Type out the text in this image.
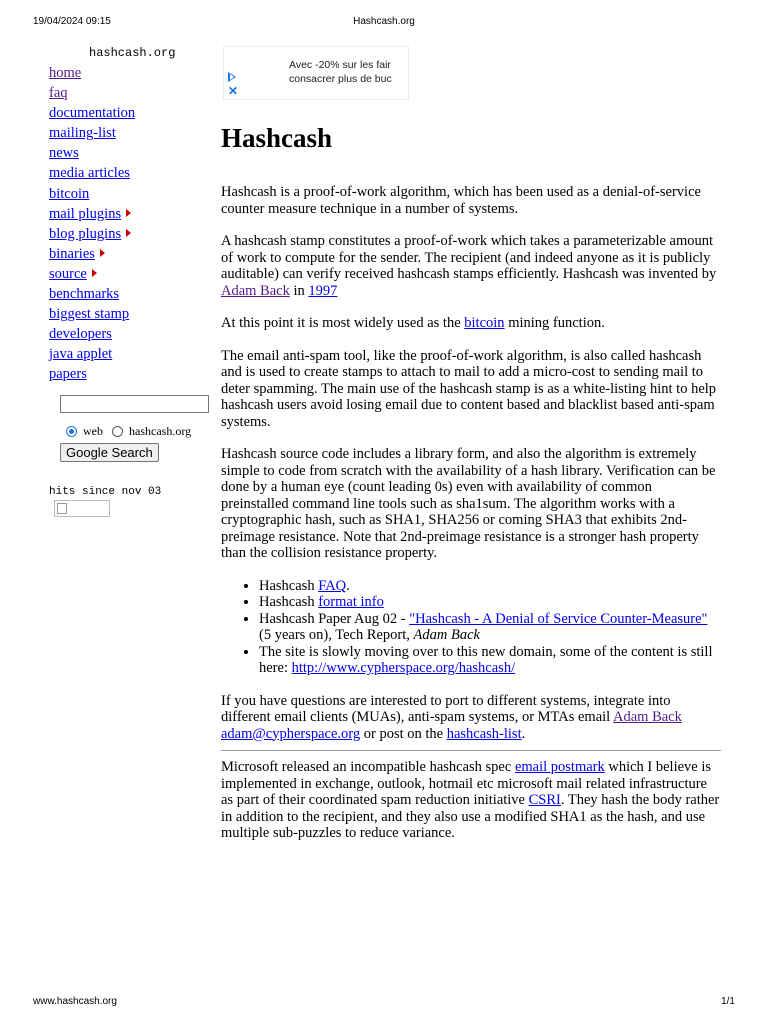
19/04/2024 09:15	Hashcash.org
www.hashcash.org	1/1
hashcash.org
home
faq
documentation
mailing-list
news
media articles
bitcoin
mail plugins
blog plugins
binaries
source
benchmarks
biggest stamp
developers
java applet
papers
web hashcash.org
Google Search
hits since nov 03
✕
Avec -20% sur les fair
consacrer plus de buc
Hashcash

Hashcash is a proof-of-work algorithm, which has been used as a denial-of-service counter measure technique in a number of systems.

A hashcash stamp constitutes a proof-of-work which takes a parameterizable amount of work to compute for the sender. The recipient (and indeed anyone as it is publicly auditable) can verify received hashcash stamps efficiently. Hashcash was invented by Adam Back in 1997

At this point it is most widely used as the bitcoin mining function.

The email anti-spam tool, like the proof-of-work algorithm, is also called hashcash and is used to create stamps to attach to mail to add a micro-cost to sending mail to deter spamming. The main use of the hashcash stamp is as a white-listing hint to help hashcash users avoid losing email due to content based and blacklist based anti-spam systems.

Hashcash source code includes a library form, and also the algorithm is extremely simple to code from scratch with the availability of a hash library. Verification can be done by a human eye (count leading 0s) even with availability of common preinstalled command line tools such as sha1sum. The algorithm works with a cryptographic hash, such as SHA1, SHA256 or coming SHA3 that exhibits 2nd-preimage resistance. Note that 2nd-preimage resistance is a stronger hash property than the collision resistance property.

• Hashcash FAQ.
• Hashcash format info
• Hashcash Paper Aug 02 - "Hashcash - A Denial of Service Counter-Measure" (5 years on), Tech Report, Adam Back
• The site is slowly moving over to this new domain, some of the content is still here: http://www.cypherspace.org/hashcash/

If you have questions are interested to port to different systems, integrate into different email clients (MUAs), anti-spam systems, or MTAs email Adam Back adam@cypherspace.org or post on the hashcash-list.

Microsoft released an incompatible hashcash spec email postmark which I believe is implemented in exchange, outlook, hotmail etc microsoft mail related infrastructure as part of their coordinated spam reduction initiative CSRI. They hash the body rather in addition to the recipient, and they also use a modified SHA1 as the hash, and use multiple sub-puzzles to reduce variance.
